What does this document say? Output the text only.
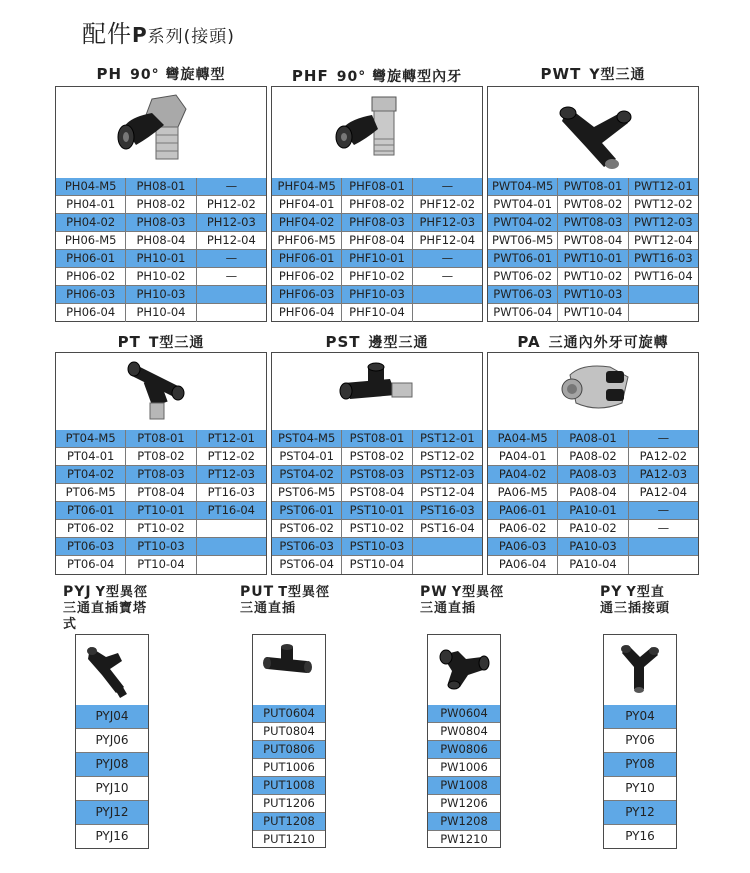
配件P系列(接頭)
PH 90° 彎旋轉型
PH04-M5	PH08-01	—
PH04-01	PH08-02	PH12-02
PH04-02	PH08-03	PH12-03
PH06-M5	PH08-04	PH12-04
PH06-01	PH10-01	—
PH06-02	PH10-02	—
PH06-03	PH10-03
PH06-04	PH10-04
PHF 90° 彎旋轉型內牙
PHF04-M5	PHF08-01	—
PHF04-01	PHF08-02	PHF12-02
PHF04-02	PHF08-03	PHF12-03
PHF06-M5	PHF08-04	PHF12-04
PHF06-01	PHF10-01	—
PHF06-02	PHF10-02	—
PHF06-03	PHF10-03
PHF06-04	PHF10-04
PWT Y型三通
PWT04-M5 PWT08-01	PWT12-01
PWT04-01	PWT08-02	PWT12-02
PWT04-02	PWT08-03	PWT12-03
PWT06-M5 PWT08-04	PWT12-04
PWT06-01	PWT10-01	PWT16-03
PWT06-02	PWT10-02	PWT16-04
PWT06-03	PWT10-03
PWT06-04	PWT10-04
PT T型三通
PT04-M5	PT08-01	PT12-01
PT04-01	PT08-02	PT12-02
PT04-02	PT08-03	PT12-03
PT06-M5	PT08-04	PT16-03
PT06-01	PT10-01	PT16-04
PT06-02	PT10-02
PT06-03	PT10-03
PT06-04	PT10-04
PST 邊型三通
PST04-M5	PST08-01	PST12-01
PST04-01	PST08-02	PST12-02
PST04-02	PST08-03	PST12-03
PST06-M5	PST08-04	PST12-04
PST06-01	PST10-01	PST16-03
PST06-02	PST10-02	PST16-04
PST06-03	PST10-03
PST06-04	PST10-04
PA 三通內外牙可旋轉
PA04-M5	PA08-01	—
PA04-01	PA08-02	PA12-02
PA04-02	PA08-03	PA12-03
PA06-M5	PA08-04	PA12-04
PA06-01	PA10-01	—
PA06-02	PA10-02	—
PA06-03	PA10-03
PA06-04	PA10-04
PYJ Y型異徑
三通直插寶塔
式
PYJ04
PYJ06
PYJ08
PYJ10
PYJ12
PYJ16
PUT T型異徑
三通直插
PUT0604
PUT0804
PUT0806
PUT1006
PUT1008
PUT1206
PUT1208
PUT1210
PW Y型異徑
三通直插
PW0604
PW0804
PW0806
PW1006
PW1008
PW1206
PW1208
PW1210
PY Y型直
通三插接頭
PY04
PY06
PY08
PY10
PY12
PY16
